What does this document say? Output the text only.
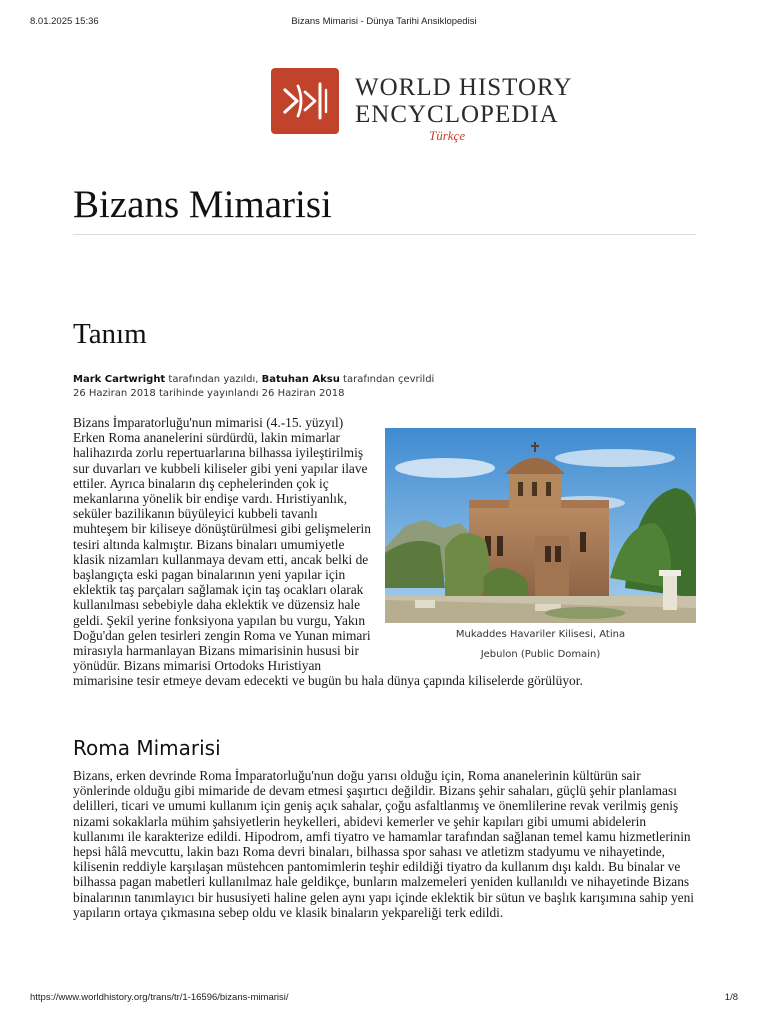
8.01.2025 15:36	Bizans Mimarisi - Dünya Tarihi Ansiklopedisi
WORLD HISTORY
ENCYCLOPEDIA
Türkçe
Bizans Mimarisi
Tanım
Mark Cartwright tarafından yazıldı, Batuhan Aksu tarafından çevrildi
26 Haziran 2018 tarihinde yayınlandı 26 Haziran 2018
Mukaddes Havariler Kilisesi, Atina
Jebulon (Public Domain)

Bizans İmparatorluğu'nun mimarisi (4.-15. yüzyıl) Erken Roma ananelerini sürdürdü, lakin mimarlar halihazırda zorlu repertuarlarına bilhassa iyileştirilmiş sur duvarları ve kubbeli kiliseler gibi yeni yapılar ilave ettiler. Ayrıca binaların dış cephelerinden çok iç mekanlarına yönelik bir endişe vardı. Hıristiyanlık, seküler bazilikanın büyüleyici kubbeli tavanlı muhteşem bir kiliseye dönüştürülmesi gibi gelişmelerin tesiri altında kalmıştır. Bizans binaları umumiyetle klasik nizamları kullanmaya devam etti, ancak belki de başlangıçta eski pagan binalarının yeni yapılar için eklektik taş parçaları sağlamak için taş ocakları olarak kullanılması sebebiyle daha eklektik ve düzensiz hale geldi. Şekil yerine fonksiyona yapılan bu vurgu, Yakın Doğu'dan gelen tesirleri zengin Roma ve Yunan mimari mirasıyla harmanlayan Bizans mimarisinin hususi bir yönüdür. Bizans mimarisi Ortodoks Hıristiyan mimarisine tesir etmeye devam edecekti ve bugün bu hala dünya çapında kiliselerde görülüyor.

Roma Mimarisi

Bizans, erken devrinde Roma İmparatorluğu'nun doğu yarısı olduğu için, Roma ananelerinin kültürün sair yönlerinde olduğu gibi mimaride de devam etmesi şaşırtıcı değildir. Bizans şehir sahaları, güçlü şehir planlaması delilleri, ticari ve umumi kullanım için geniş açık sahalar, çoğu asfaltlanmış ve önemlilerine revak verilmiş geniş nizami sokaklarla mühim şahsiyetlerin heykelleri, abidevi kemerler ve şehir kapıları gibi umumi abidelerin kullanımı ile karakterize edildi. Hipodrom, amfi tiyatro ve hamamlar tarafından sağlanan temel kamu hizmetlerinin hepsi hâlâ mevcuttu, lakin bazı Roma devri binaları, bilhassa spor sahası ve atletizm stadyumu ve nihayetinde, kilisenin reddiyle karşılaşan müstehcen pantomimlerin teşhir edildiği tiyatro da kullanım dışı kaldı. Bu binalar ve bilhassa pagan mabetleri kullanılmaz hale geldikçe, bunların malzemeleri yeniden kullanıldı ve nihayetinde Bizans binalarının tanımlayıcı bir hususiyeti haline gelen aynı yapı içinde eklektik bir sütun ve başlık karışımına sahip yeni yapıların ortaya çıkmasına sebep oldu ve klasik binaların yekpareliği terk edildi.

https://www.worldhistory.org/trans/tr/1-16596/bizans-mimarisi/	1/8
